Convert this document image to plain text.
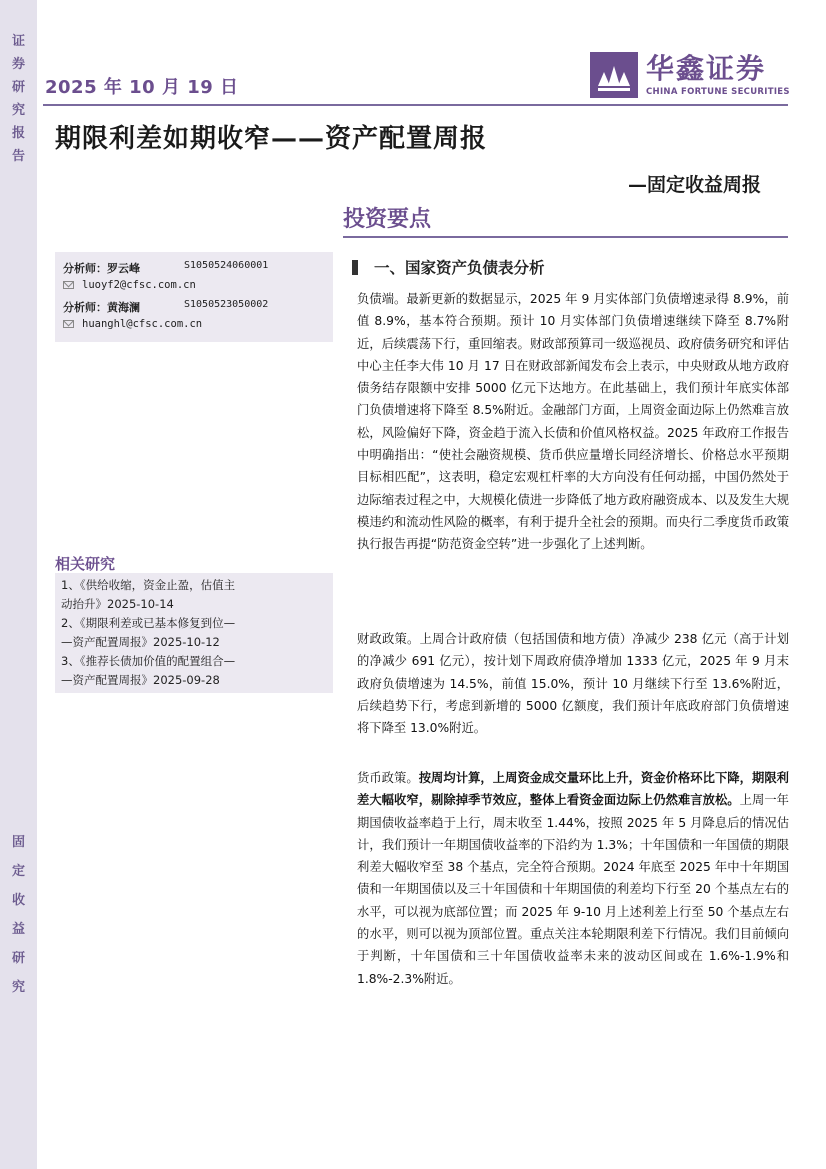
证
券
研
究
报
告
固
定
收
益
研
究
2025 年 10 月 19 日
华鑫证券
CHINA FORTUNE SECURITIES
期限利差如期收窄——资产配置周报
—固定收益周报
投资要点
分析师：罗云峰	S1050524060001
luoyf2@cfsc.com.cn
分析师：黄海澜	S1050523050002
huanghl@cfsc.com.cn
相关研究
1、《供给收缩，资金止盈，估值主
动抬升》2025-10-14
2、《期限利差或已基本修复到位—
—资产配置周报》2025-10-12
3、《推荐长债加价值的配置组合—
—资产配置周报》2025-09-28
一、国家资产负债表分析
负债端。最新更新的数据显示，2025 年 9 月实体部门负债增速录得 8.9%，前值 8.9%，基本符合预期。预计 10 月实体部门负债增速继续下降至 8.7%附近，后续震荡下行，重回缩表。财政部预算司一级巡视员、政府债务研究和评估中心主任李大伟 10 月 17 日在财政部新闻发布会上表示，中央财政从地方政府债务结存限额中安排 5000 亿元下达地方。在此基础上，我们预计年底实体部门负债增速将下降至 8.5%附近。金融部门方面，上周资金面边际上仍然难言放松，风险偏好下降，资金趋于流入长债和价值风格权益。2025 年政府工作报告中明确指出：“使社会融资规模、货币供应量增长同经济增长、价格总水平预期目标相匹配”，这表明，稳定宏观杠杆率的大方向没有任何动摇，中国仍然处于边际缩表过程之中，大规模化债进一步降低了地方政府融资成本、以及发生大规模违约和流动性风险的概率，有利于提升全社会的预期。而央行二季度货币政策执行报告再提“防范资金空转”进一步强化了上述判断。
财政政策。上周合计政府债（包括国债和地方债）净减少 238 亿元（高于计划的净减少 691 亿元），按计划下周政府债净增加 1333 亿元，2025 年 9 月末政府负债增速为 14.5%，前值 15.0%，预计 10 月继续下行至 13.6%附近，后续趋势下行，考虑到新增的 5000 亿额度，我们预计年底政府部门负债增速将下降至 13.0%附近。
货币政策。按周均计算，上周资金成交量环比上升，资金价格环比下降，期限利差大幅收窄，剔除掉季节效应，整体上看资金面边际上仍然难言放松。上周一年期国债收益率趋于上行，周末收至 1.44%，按照 2025 年 5 月降息后的情况估计，我们预计一年期国债收益率的下沿约为 1.3%；十年国债和一年国债的期限利差大幅收窄至 38 个基点，完全符合预期。2024 年底至 2025 年中十年期国债和一年期国债以及三十年国债和十年期国债的利差均下行至 20 个基点左右的水平，可以视为底部位置；而 2025 年 9-10 月上述利差上行至 50 个基点左右的水平，则可以视为顶部位置。重点关注本轮期限利差下行情况。我们目前倾向于判断，十年国债和三十年国债收益率未来的波动区间或在 1.6%-1.9%和 1.8%-2.3%附近。
